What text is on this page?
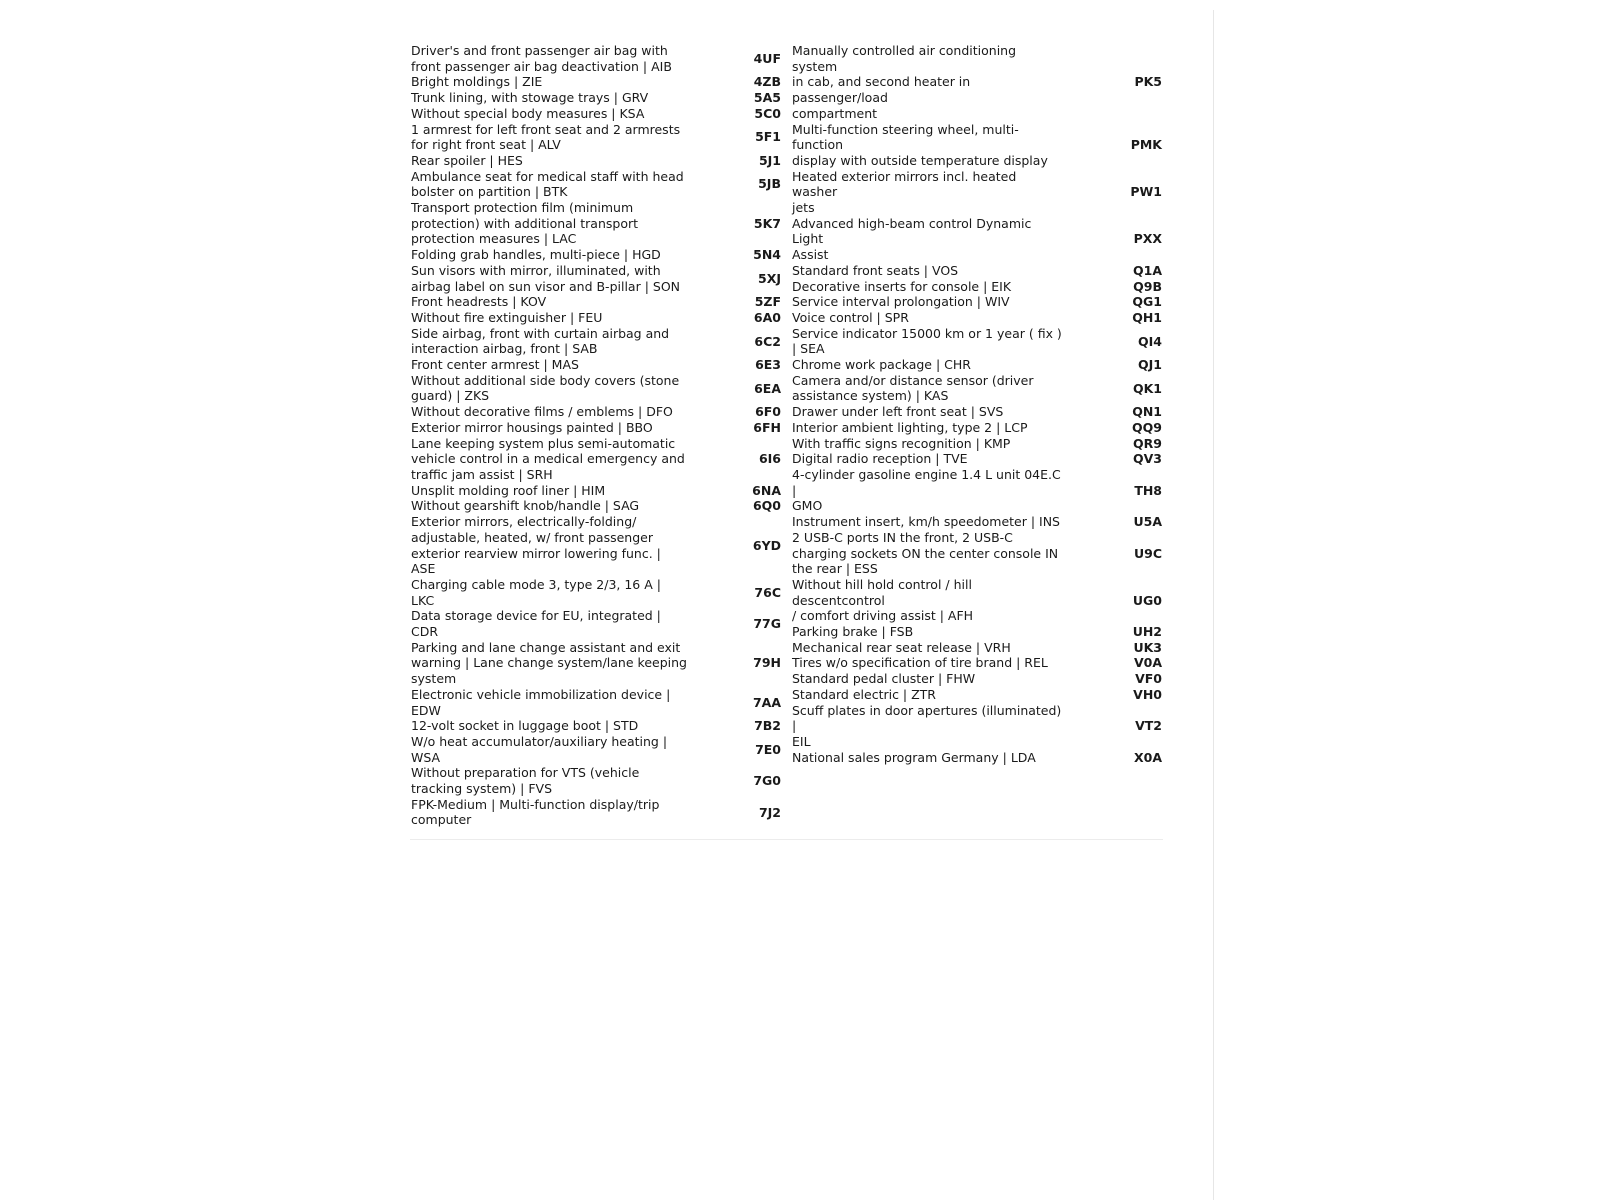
Driver's and front passenger air bag with
front passenger air bag deactivation | AIB
4UF
Bright moldings | ZIE	4ZB
Trunk lining, with stowage trays | GRV	5A5
Without special body measures | KSA	5C0
1 armrest for left front seat and 2 armrests
for right front seat | ALV
5F1
Rear spoiler | HES	5J1
Ambulance seat for medical staff with head
bolster on partition | BTK
5JB
Transport protection film (minimum
protection) with additional transport
protection measures | LAC
5K7
Folding grab handles, multi-piece | HGD	5N4
Sun visors with mirror, illuminated, with
airbag label on sun visor and B-pillar | SON
5XJ
Front headrests | KOV	5ZF
Without fire extinguisher | FEU	6A0
Side airbag, front with curtain airbag and
interaction airbag, front | SAB
6C2
Front center armrest | MAS	6E3
Without additional side body covers (stone
guard) | ZKS
6EA
Without decorative films / emblems | DFO	6F0
Exterior mirror housings painted | BBO	6FH
Lane keeping system plus semi-automatic
vehicle control in a medical emergency and
traffic jam assist | SRH
6I6
Unsplit molding roof liner | HIM	6NA
Without gearshift knob/handle | SAG	6Q0
Exterior mirrors, electrically-folding/
adjustable, heated, w/ front passenger
exterior rearview mirror lowering func. |
ASE
6YD
Charging cable mode 3, type 2/3, 16 A |
LKC
76C
Data storage device for EU, integrated |
CDR
77G
Parking and lane change assistant and exit
warning | Lane change system/lane keeping
system
79H
Electronic vehicle immobilization device |
EDW
7AA
12-volt socket in luggage boot | STD	7B2
W/o heat accumulator/auxiliary heating |
WSA
7E0
Without preparation for VTS (vehicle
tracking system) | FVS
7G0
FPK-Medium | Multi-function display/trip
computer
7J2
Manually controlled air conditioning system
in cab, and second heater in passenger/load
compartment
PK5
Multi-function steering wheel, multi-function
display with outside temperature display
PMK
Heated exterior mirrors incl. heated washer
jets
PW1
Advanced high-beam control Dynamic Light
Assist
PXX
Standard front seats | VOS	Q1A
Decorative inserts for console | EIK	Q9B
Service interval prolongation | WIV	QG1
Voice control | SPR	QH1
Service indicator 15000 km or 1 year ( fix )
| SEA
QI4
Chrome work package | CHR	QJ1
Camera and/or distance sensor (driver
assistance system) | KAS
QK1
Drawer under left front seat | SVS	QN1
Interior ambient lighting, type 2 | LCP	QQ9
With traffic signs recognition | KMP	QR9
Digital radio reception | TVE	QV3
4-cylinder gasoline engine 1.4 L unit 04E.C |
GMO
TH8
Instrument insert, km/h speedometer | INS	U5A
2 USB-C ports IN the front, 2 USB-C
charging sockets ON the center console IN
the rear | ESS
U9C
Without hill hold control / hill descentcontrol
/ comfort driving assist | AFH
UG0
Parking brake | FSB	UH2
Mechanical rear seat release | VRH	UK3
Tires w/o specification of tire brand | REL	V0A
Standard pedal cluster | FHW	VF0
Standard electric | ZTR	VH0
Scuff plates in door apertures (illuminated) |
EIL
VT2
National sales program Germany | LDA	X0A
